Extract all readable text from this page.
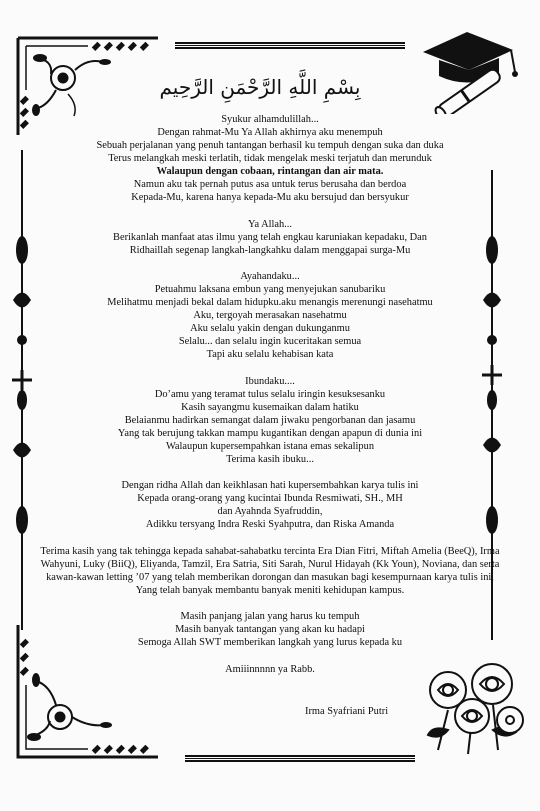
بِسْمِ اللَّهِ الرَّحْمَنِ الرَّحِيم
Syukur alhamdulillah...
Dengan rahmat-Mu Ya Allah akhirnya aku menempuh
Sebuah perjalanan yang penuh tantangan berhasil ku tempuh dengan suka dan duka
Terus melangkah meski terlatih, tidak mengelak meski terjatuh dan merunduk
Walaupun dengan cobaan, rintangan dan air mata.
Namun aku tak pernah putus asa untuk terus berusaha dan berdoa
Kepada-Mu, karena hanya kepada-Mu aku bersujud dan bersyukur
Ya Allah...
Berikanlah manfaat atas ilmu yang telah engkau karuniakan kepadaku, Dan
Ridhaillah segenap langkah-langkahku dalam menggapai surga-Mu
Ayahandaku...
Petuahmu laksana embun yang menyejukan sanubariku
Melihatmu menjadi bekal dalam hidupku.aku menangis merenungi nasehatmu
Aku, tergoyah merasakan nasehatmu
Aku selalu yakin dengan dukunganmu
Selalu... dan selalu ingin kuceritakan semua
Tapi aku selalu kehabisan kata
Ibundaku....
Do’amu yang teramat tulus selalu iringin kesuksesanku
Kasih sayangmu kusemaikan dalam hatiku
Belaianmu hadirkan semangat dalam jiwaku pengorbanan dan jasamu
Yang tak berujung takkan mampu kugantikan dengan apapun di dunia ini
Walaupun kupersempahkan istana emas sekalipun
Terima kasih ibuku...
Dengan ridha Allah dan keikhlasan hati kupersembahkan karya tulis ini
Kepada orang-orang yang kucintai Ibunda Resmiwati, SH., MH
dan Ayahnda Syafruddin,
Adikku tersyang Indra Reski Syahputra, dan Riska Amanda
Terima kasih yang tak tehingga kepada sahabat-sahabatku tercinta Era Dian Fitri, Miftah Amelia (BeeQ), Irma Wahyuni, Luky (BiiQ), Eliyanda, Tamzil, Era Satria, Siti Sarah, Nurul Hidayah (Kk Youn), Noviana, dan serta kawan-kawan letting ’07 yang telah memberikan dorongan dan masukan bagi kesempurnaan karya tulis ini,
Yang telah banyak membantu banyak meniti kehidupan kampus.
Masih panjang jalan yang harus ku tempuh
Masih banyak tantangan yang akan ku hadapi
Semoga Allah SWT memberikan langkah yang lurus kepada ku
Amiiinnnnn ya Rabb.
Irma Syafriani Putri
